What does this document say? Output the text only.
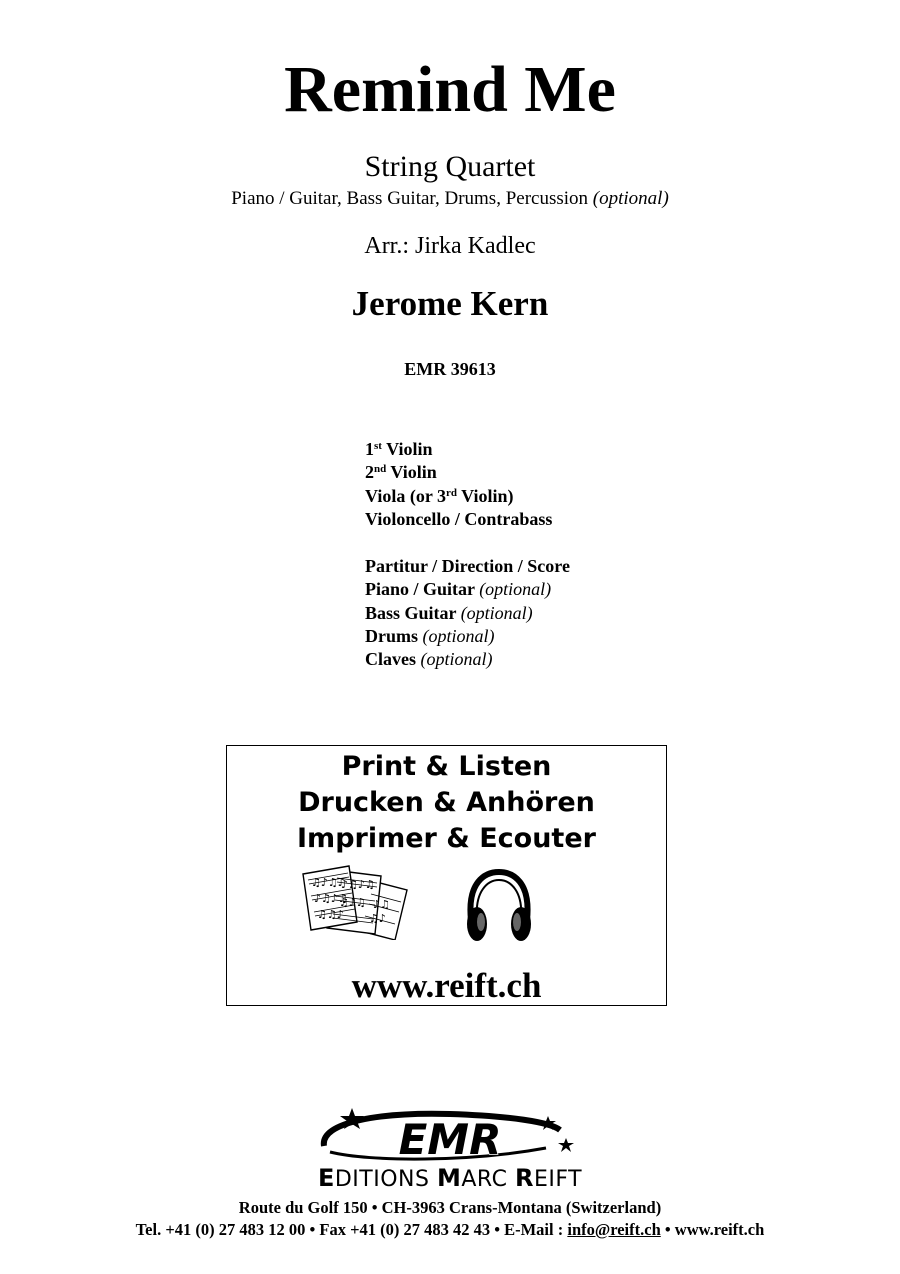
Remind Me
String Quartet
Piano / Guitar, Bass Guitar, Drums, Percussion (optional)
Arr.: Jirka Kadlec
Jerome Kern
EMR 39613
1st Violin
2nd Violin
Viola (or 3rd Violin)
Violoncello / Contrabass
Partitur / Direction / Score
Piano / Guitar (optional)
Bass Guitar (optional)
Drums (optional)
Claves (optional)
Print & Listen
Drucken & Anhören
Imprimer & Ecouter
♫♪♫♪
♪♫♪♫
♫♫♪
♪♫♪♫
♫♪♫ ♪♫
♫♪
www.reift.ch
EMR
EDITIONS MARC REIFT
Route du Golf 150 • CH-3963 Crans-Montana (Switzerland)
Tel. +41 (0) 27 483 12 00 • Fax +41 (0) 27 483 42 43 • E-Mail : info@reift.ch • www.reift.ch
